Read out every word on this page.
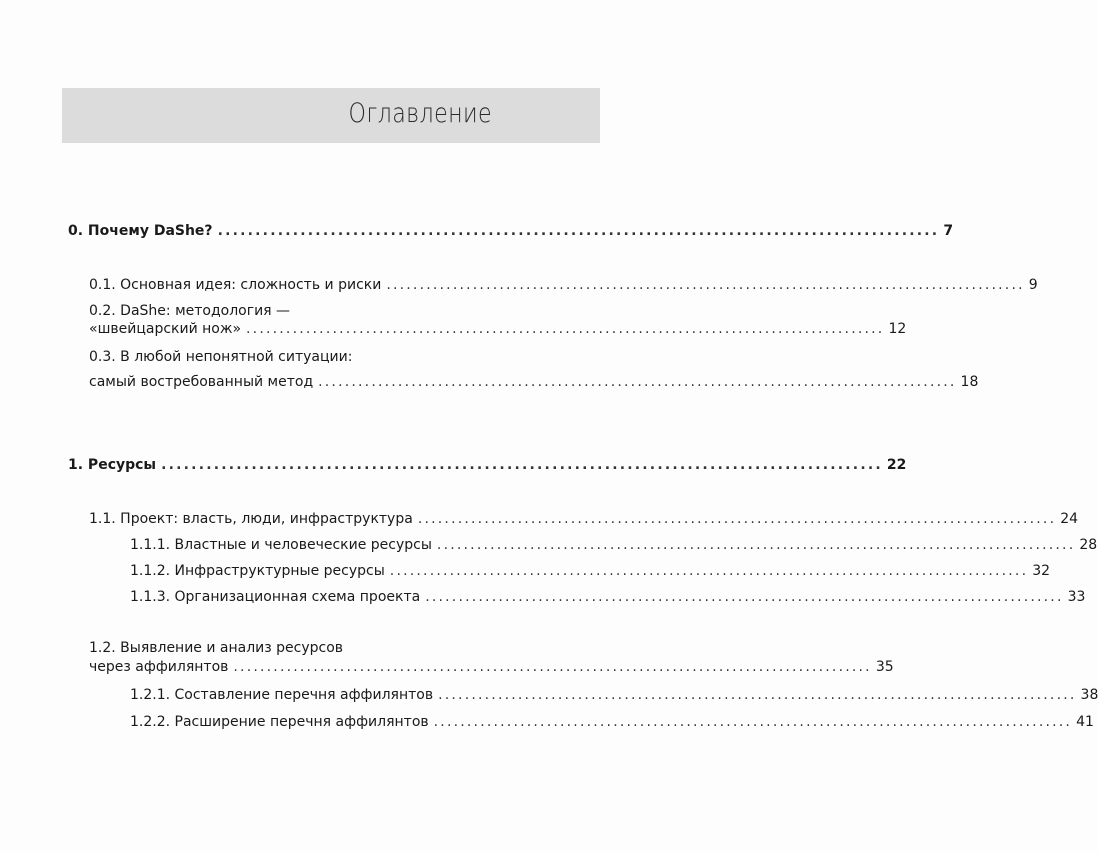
Оглавление
0. Почему DaShe? ................................................................................................ 7
0.1. Основная идея: сложность и риски ................................................................................................ 9
0.2. DaShe: методология —
«швейцарский нож» ................................................................................................ 12
0.3. В любой непонятной ситуации:
самый востребованный метод ................................................................................................ 18
1. Ресурсы ................................................................................................ 22
1.1. Проект: власть, люди, инфраструктура ................................................................................................ 24
1.1.1. Властные и человеческие ресурсы ................................................................................................ 28
1.1.2. Инфраструктурные ресурсы ................................................................................................ 32
1.1.3. Организационная схема проекта ................................................................................................ 33
1.2. Выявление и анализ ресурсов
через аффилянтов ................................................................................................ 35
1.2.1. Составление перечня аффилянтов ................................................................................................ 38
1.2.2. Расширение перечня аффилянтов ................................................................................................ 41
